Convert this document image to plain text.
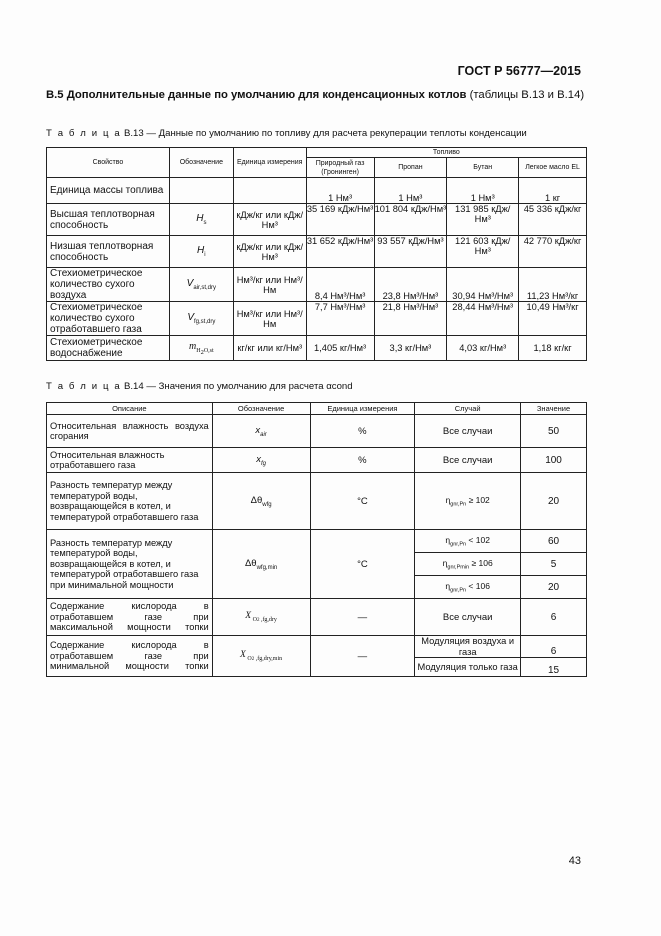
ГОСТ Р 56777—2015
B.5 Дополнительные данные по умолчанию для конденсационных котлов (таблицы B.13 и B.14)
Т а б л и ц а B.13 — Данные по умолчанию по топливу для расчета рекуперации теплоты конденсации
Свойство	Обозначение	Единица измерения	Топливо			
			Природный газ (Гронинген)	Пропан	Бутан	Легкое масло EL
Единица массы топлива			1 Нм³	1 Нм³	1 Нм³	1 кг
Высшая теплотворная способность	$H_s$	кДж/кг или кДж/ Нм³	35 169 кДж/Нм³	101 804 кДж/Нм³	131 985 кДж/Нм³	45 336 кДж/кг
Низшая теплотворная способность	$H_i$	кДж/кг или кДж/Нм³	31 652 кДж/Нм³	93 557 кДж/Нм³	121 603 кДж/Нм³	42 770 кДж/кг
Стехиометрическое количество сухого воздуха	$V_{air,st,dry}$	Нм³/кг или Нм³/Нм	8,4 Нм³/Нм³	23,8 Нм³/Нм³	30,94 Нм³/Нм³	11,23 Нм³/кг
Стехиометрическое количество сухого отработавшего газа	$V_{fg,st,dry}$	Нм³/кг или Нм³/Нм	7,7 Нм³/Нм³	21,8 Нм³/Нм³	28,44 Нм³/Нм³	10,49 Нм³/кг
Стехиометрическое водоснабжение	$m_{H2O,st}$	кг/кг или кг/Нм³	1,405 кг/Нм³	3,3 кг/Нм³	4,03 кг/Нм³	1,18 кг/кг
Т а б л и ц а B.14 — Значения по умолчанию для расчета αcond
Описание	Обозначение	Единица измерения	Случай	Значение
Относительная влажность воздуха сгорания	$x_{air}$	%	Все случаи	50
Относительная влажность отработавшего газа	$x_{fg}$	%	Все случаи	100
Разность температур между температурой воды, возвращающейся в котел, и температурой отработавшего газа	$\Delta\theta_{wfg}$	°C	$\eta_{gnr,Pn} \ge 102$	20
Разность температур между температурой воды, возвращающейся в котел, и температурой отработавшего газа при минимальной мощности	$\Delta\theta_{wfg,min}$	°C	$\eta_{gnr,Pn} < 102$	60
			$\eta_{gnr,Pmin} \ge 106$	5
			$\eta_{gnr,Pn} < 106$	20
Содержание кислорода в отработавшем газе при максимальной мощности топки	X $_{O2 ,fg,dry}$	—	Все случаи	6
Содержание кислорода в отработавшем газе при минимальной мощности топки	X $_{O2 ,fg,dry,min}$	—	Модуляция воздуха и газа	6
			Модуляция только газа	15
43
